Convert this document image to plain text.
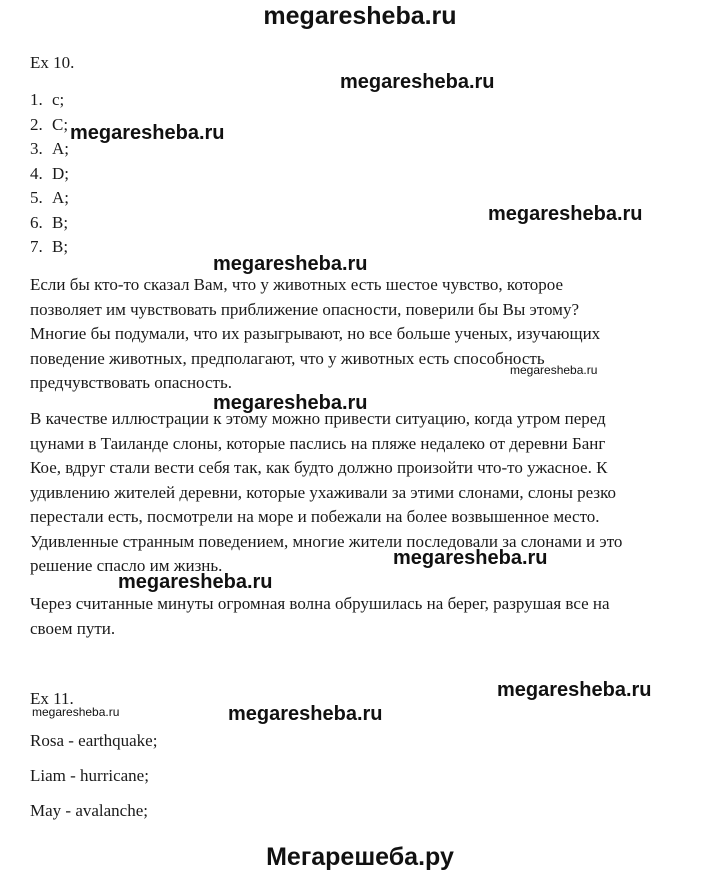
megaresheba.ru
Мегарешеба.ру
Ex 10.
1. c;
2. C;
3. A;
4. D;
5. A;
6. B;
7. B;
Если бы кто-то сказал Вам, что у животных есть шестое чувство, которое
позволяет им чувствовать приближение опасности, поверили бы Вы этому?
Многие бы подумали, что их разыгрывают, но все больше ученых, изучающих
поведение животных, предполагают, что у животных есть способность
предчувствовать опасность.
В качестве иллюстрации к этому можно привести ситуацию, когда утром перед
цунами в Таиланде слоны, которые паслись на пляже недалеко от деревни Банг
Кое, вдруг стали вести себя так, как будто должно произойти что-то ужасное. К
удивлению жителей деревни, которые ухаживали за этими слонами, слоны резко
перестали есть, посмотрели на море и побежали на более возвышенное место.
Удивленные странным поведением, многие жители последовали за слонами и это
решение спасло им жизнь.
Через считанные минуты огромная волна обрушилась на берег, разрушая все на
своем пути.
Ex 11.
Rosa - earthquake;
Liam - hurricane;
May - avalanche;
megaresheba.ru
megaresheba.ru
megaresheba.ru
megaresheba.ru
megaresheba.ru
megaresheba.ru
megaresheba.ru
megaresheba.ru
megaresheba.ru
megaresheba.ru	megaresheba.ru
